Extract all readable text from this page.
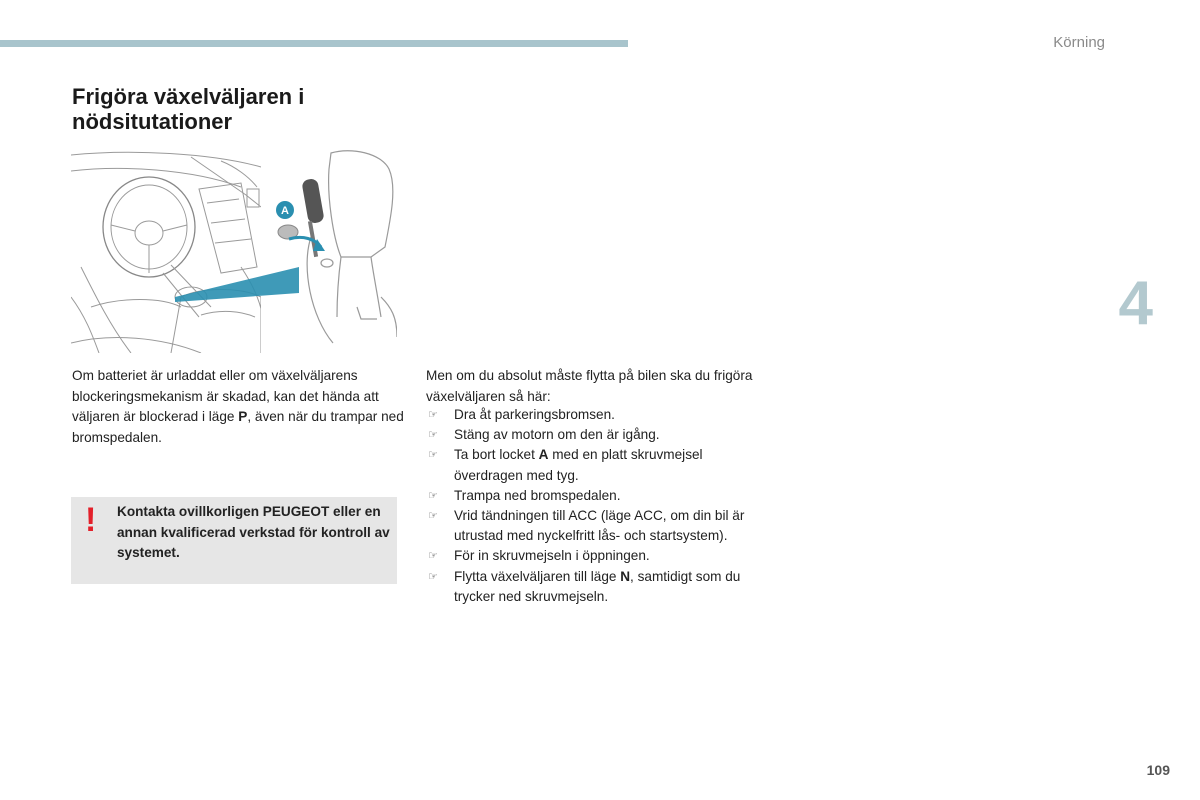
Körning
4
109
Frigöra växelväljaren i nödsitutationer
A

Om batteriet är urladdat eller om växelväljarens blockeringsmekanism är skadad, kan det hända att väljaren är blockerad i läge P, även när du trampar ned bromspedalen.

! Kontakta ovillkorligen PEUGEOT eller en annan kvalificerad verkstad för kontroll av systemet.

Men om du absolut måste flytta på bilen ska du frigöra växelväljaren så här:

☞ Dra åt parkeringsbromsen.
☞ Stäng av motorn om den är igång.
☞ Ta bort locket A med en platt skruvmejsel överdragen med tyg.
☞ Trampa ned bromspedalen.
☞ Vrid tändningen till ACC (läge ACC, om din bil är utrustad med nyckelfritt lås- och startsystem).
☞ För in skruvmejseln i öppningen.
☞ Flytta växelväljaren till läge N, samtidigt som du trycker ned skruvmejseln.
